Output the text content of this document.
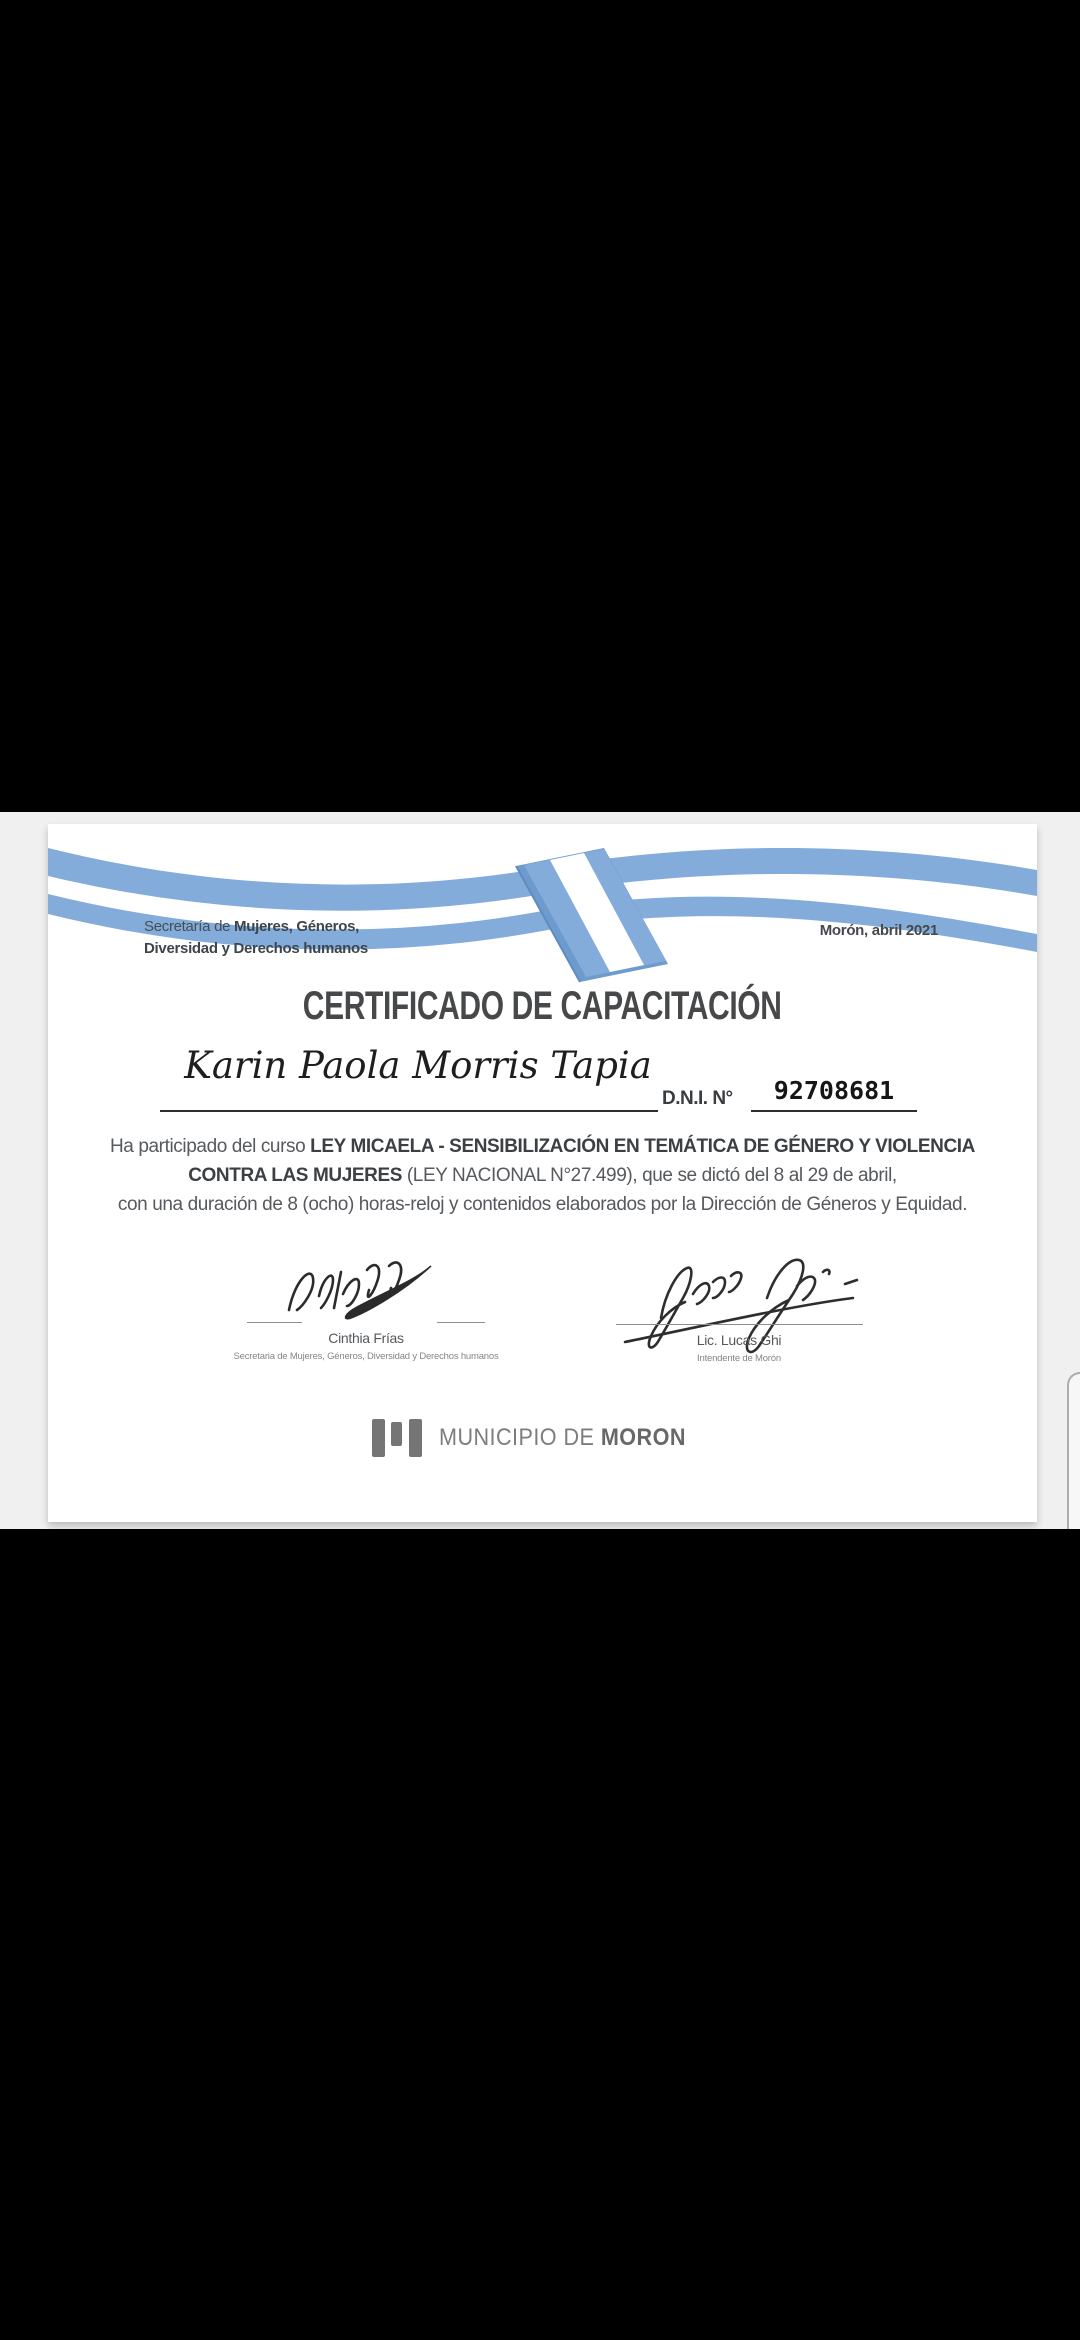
Secretaría de Mujeres, Géneros,
Diversidad y Derechos humanos
Morón, abril 2021
CERTIFICADO DE CAPACITACIÓN
Karin Paola Morris Tapia
D.N.I. N°	92708681
Ha participado del curso LEY MICAELA - SENSIBILIZACIÓN EN TEMÁTICA DE GÉNERO Y VIOLENCIA
CONTRA LAS MUJERES (LEY NACIONAL N°27.499), que se dictó del 8 al 29 de abril,
con una duración de 8 (ocho) horas-reloj y contenidos elaborados por la Dirección de Géneros y Equidad.
Cinthia Frías
Secretaria de Mujeres, Géneros, Diversidad y Derechos humanos
Lic. Lucas Ghi
Intendente de Morón
MUNICIPIO DE MORON
